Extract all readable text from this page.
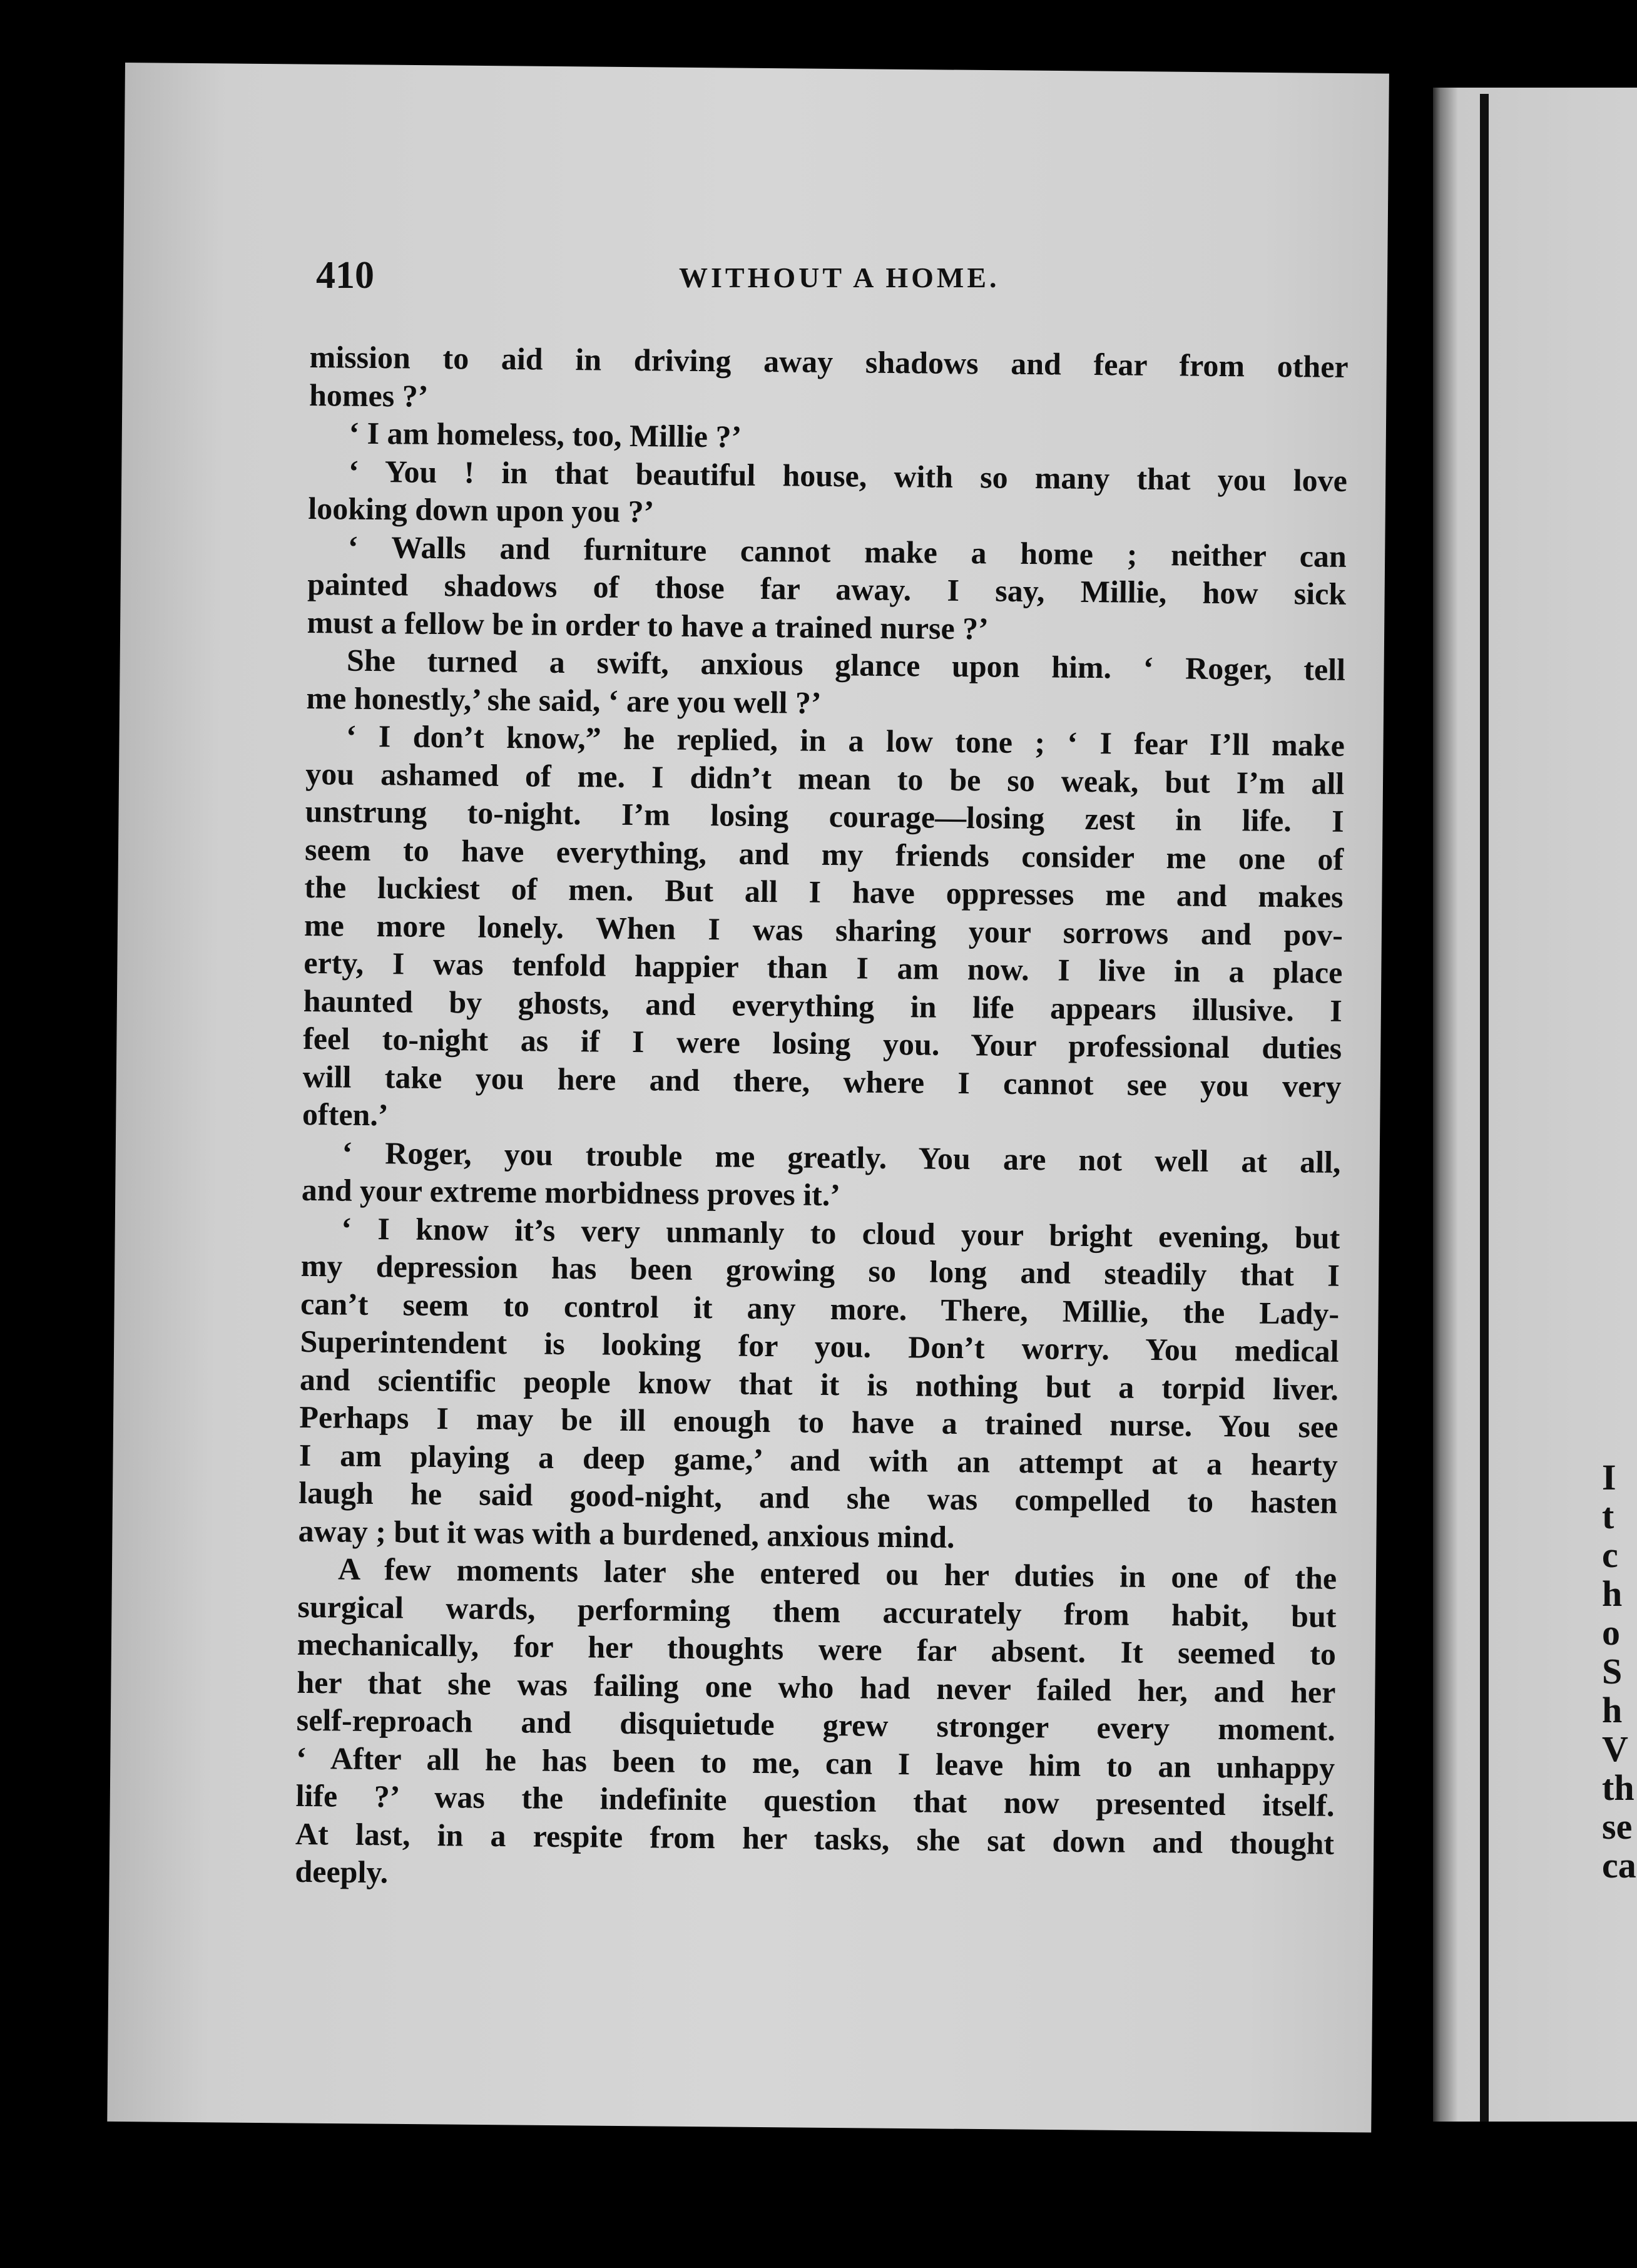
410	WITHOUT A HOME.
mission to aid in driving away shadows and fear from other
homes ?’
‘ I am homeless, too, Millie ?’
‘ You ! in that beautiful house, with so many that you love
looking down upon you ?’
‘ Walls and furniture cannot make a home ; neither can
painted shadows of those far away. I say, Millie, how sick
must a fellow be in order to have a trained nurse ?’
She turned a swift, anxious glance upon him. ‘ Roger, tell
me honestly,’ she said, ‘ are you well ?’
‘ I don’t know,” he replied, in a low tone ; ‘ I fear I’ll make
you ashamed of me. I didn’t mean to be so weak, but I’m all
unstrung to-night. I’m losing courage—losing zest in life. I
seem to have everything, and my friends consider me one of
the luckiest of men. But all I have oppresses me and makes
me more lonely. When I was sharing your sorrows and pov-
erty, I was tenfold happier than I am now. I live in a place
haunted by ghosts, and everything in life appears illusive. I
feel to-night as if I were losing you. Your professional duties
will take you here and there, where I cannot see you very
often.’
‘ Roger, you trouble me greatly. You are not well at all,
and your extreme morbidness proves it.’
‘ I know it’s very unmanly to cloud your bright evening, but
my depression has been growing so long and steadily that I
can’t seem to control it any more. There, Millie, the Lady-
Superintendent is looking for you. Don’t worry. You medical
and scientific people know that it is nothing but a torpid liver.
Perhaps I may be ill enough to have a trained nurse. You see
I am playing a deep game,’ and with an attempt at a hearty
laugh he said good-night, and she was compelled to hasten
away ; but it was with a burdened, anxious mind.
A few moments later she entered ou her duties in one of the
surgical wards, performing them accurately from habit, but
mechanically, for her thoughts were far absent. It seemed to
her that she was failing one who had never failed her, and her
self-reproach and disquietude grew stronger every moment.
‘ After all he has been to me, can I leave him to an unhappy
life ?’ was the indefinite question that now presented itself.
At last, in a respite from her tasks, she sat down and thought
deeply.
I
t
c
h
o
S
h
V
th
se
ca
